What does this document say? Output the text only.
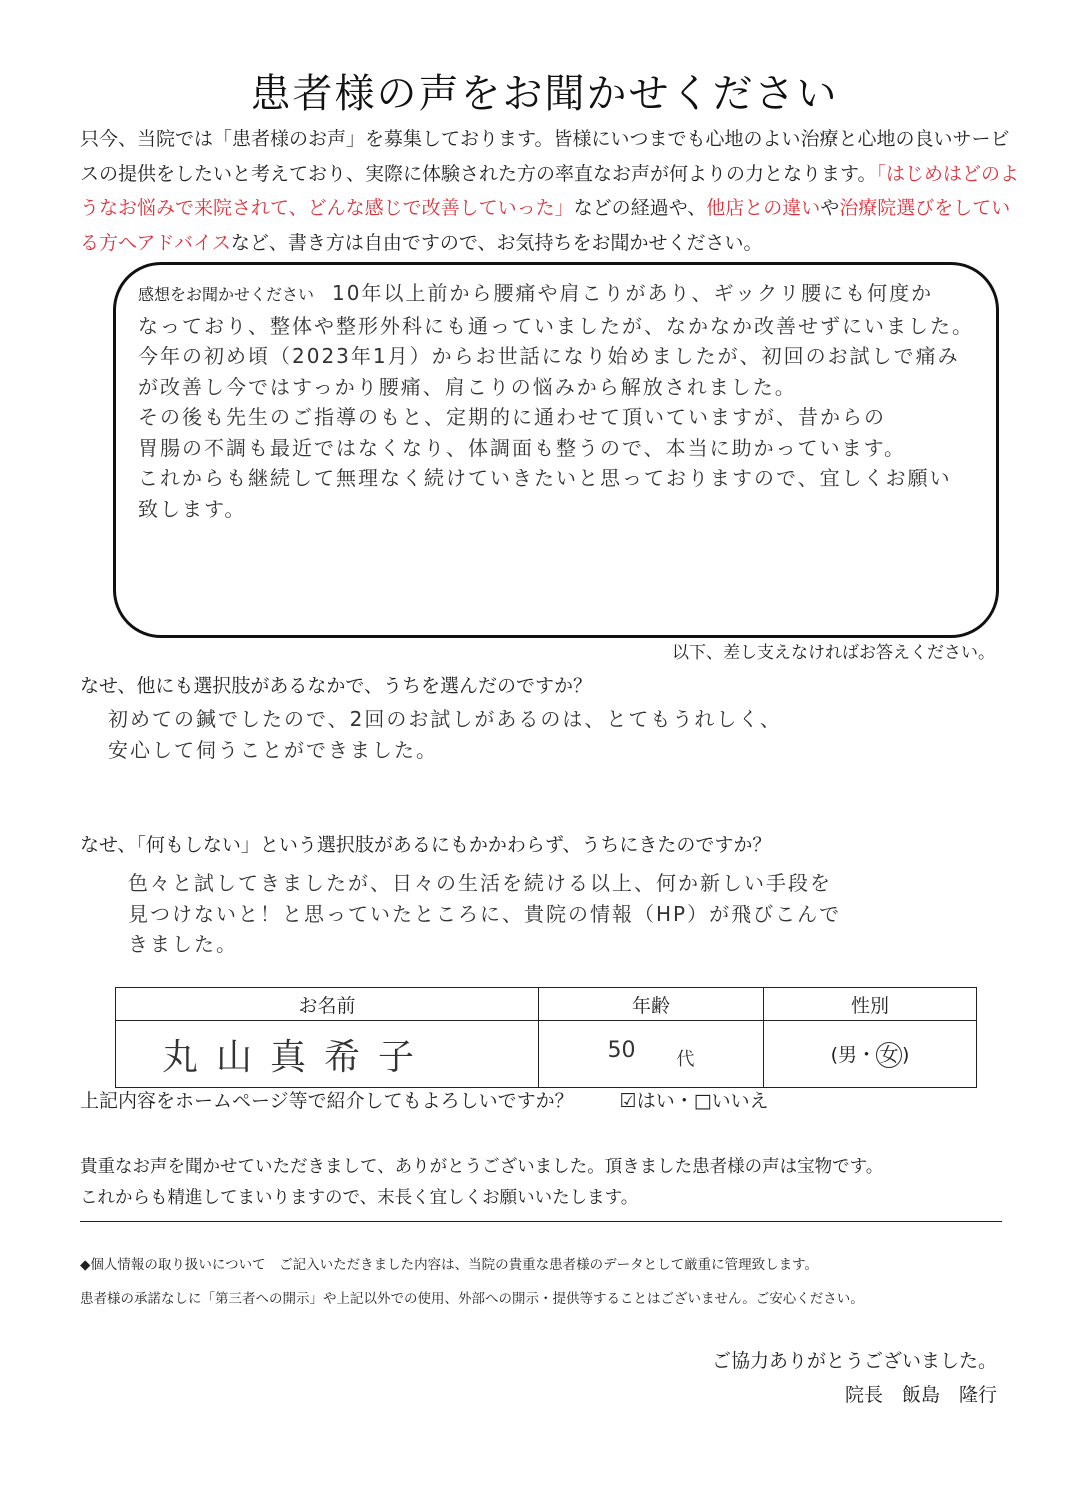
患者様の声をお聞かせください
只今、当院では「患者様のお声」を募集しております。皆様にいつまでも心地のよい治療と心地の良いサービスの提供をしたいと考えており、実際に体験された方の率直なお声が何よりの力となります。「はじめはどのようなお悩みで来院されて、どんな感じで改善していった」などの経過や、他店との違いや治療院選びをしている方へアドバイスなど、書き方は自由ですので、お気持ちをお聞かせください。
感想をお聞かせください 10年以上前から腰痛や肩こりがあり、ギックリ腰にも何度か
なっており、整体や整形外科にも通っていましたが、なかなか改善せずにいました。
今年の初め頃（2023年1月）からお世話になり始めましたが、初回のお試しで痛み
が改善し今ではすっかり腰痛、肩こりの悩みから解放されました。
その後も先生のご指導のもと、定期的に通わせて頂いていますが、昔からの
胃腸の不調も最近ではなくなり、体調面も整うので、本当に助かっています。
これからも継続して無理なく続けていきたいと思っておりますので、宜しくお願い
致します。
以下、差し支えなければお答えください。
なせ、他にも選択肢があるなかで、うちを選んだのですか？
初めての鍼でしたので、2回のお試しがあるのは、とてもうれしく、
安心して伺うことができました。
なせ、「何もしない」という選択肢があるにもかかわらず、うちにきたのですか？
色々と試してきましたが、日々の生活を続ける以上、何か新しい手段を
見つけないと！と思っていたところに、貴院の情報（HP）が飛びこんで
きました。
お名前	年齢	性別
丸山真希子	50 $_代$	(男・ 女 )
上記内容をホームページ等で紹介してもよろしいですか？ ☑はい・□いいえ
貴重なお声を聞かせていただきまして、ありがとうございました。頂きました患者様の声は宝物です。
これからも精進してまいりますので、末長く宜しくお願いいたします。
◆個人情報の取り扱いについて　ご記入いただきました内容は、当院の貴重な患者様のデータとして厳重に管理致します。
患者様の承諾なしに「第三者への開示」や上記以外での使用、外部への開示・提供等することはございません。ご安心ください。
ご協力ありがとうございました。
院長　飯島　隆行
